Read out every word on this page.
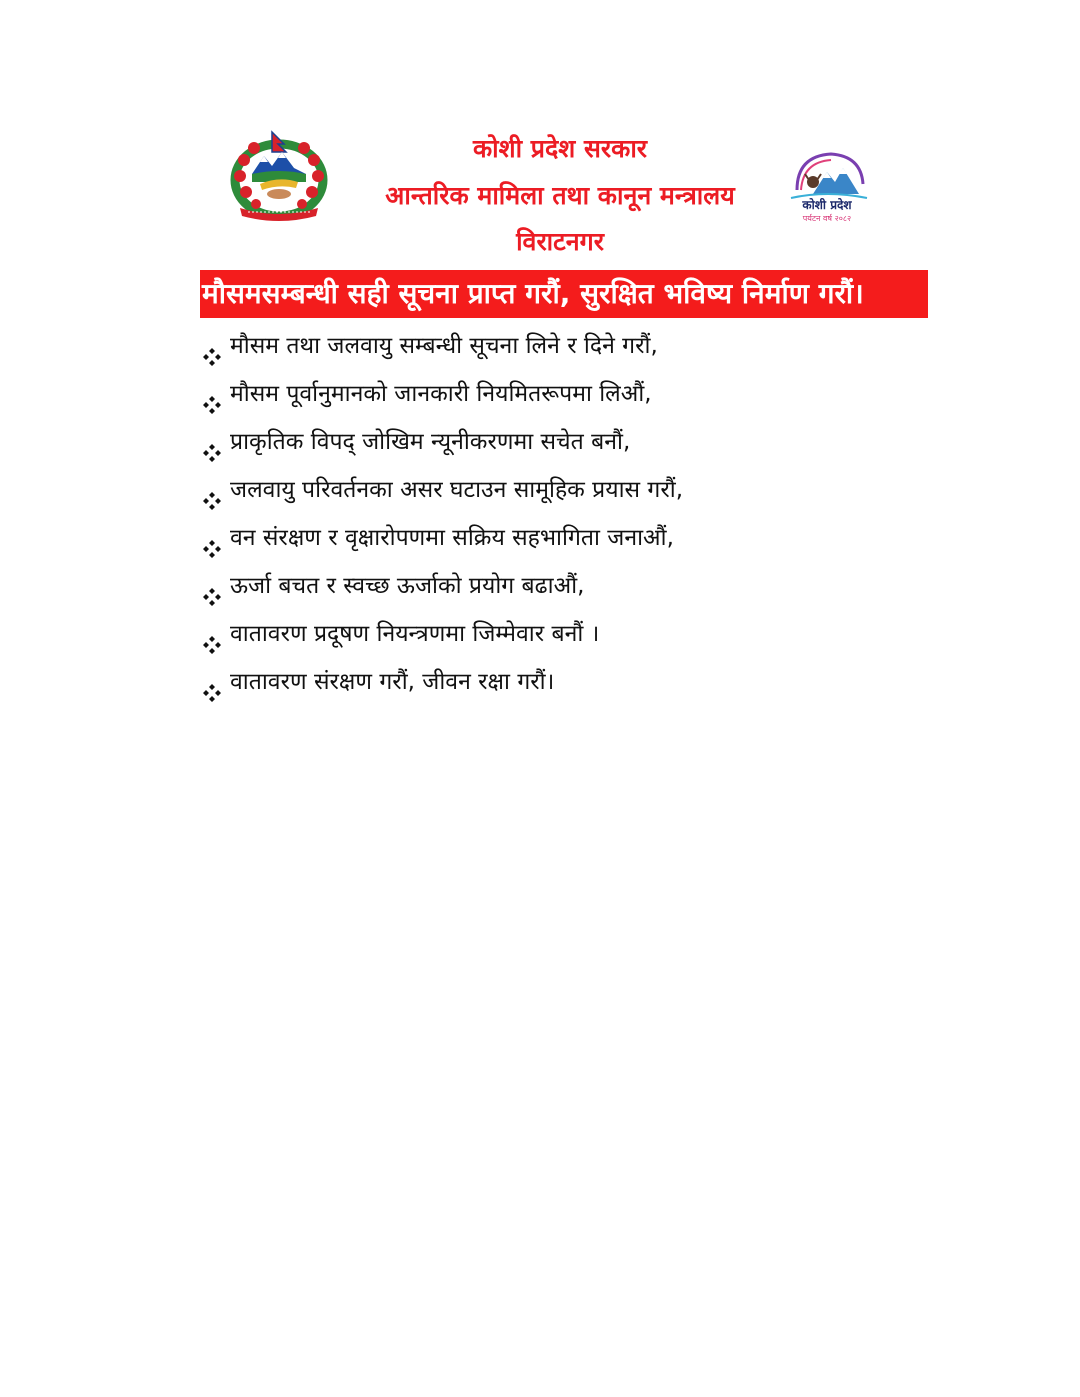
कोशी प्रदेश सरकार
आन्तरिक मामिला तथा कानून मन्त्रालय
विराटनगर
कोशी प्रदेश
पर्यटन वर्ष २०८२
मौसमसम्बन्धी सही सूचना प्राप्त गरौं, सुरक्षित भविष्य निर्माण गरौं।
मौसम तथा जलवायु सम्बन्धी सूचना लिने र दिने गरौं,
मौसम पूर्वानुमानको जानकारी नियमितरूपमा लिऔं,
प्राकृतिक विपद् जोखिम न्यूनीकरणमा सचेत बनौं,
जलवायु परिवर्तनका असर घटाउन सामूहिक प्रयास गरौं,
वन संरक्षण र वृक्षारोपणमा सक्रिय सहभागिता जनाऔं,
ऊर्जा बचत र स्वच्छ ऊर्जाको प्रयोग बढाऔं,
वातावरण प्रदूषण नियन्त्रणमा जिम्मेवार बनौं ।
वातावरण संरक्षण गरौं, जीवन रक्षा गरौं।
